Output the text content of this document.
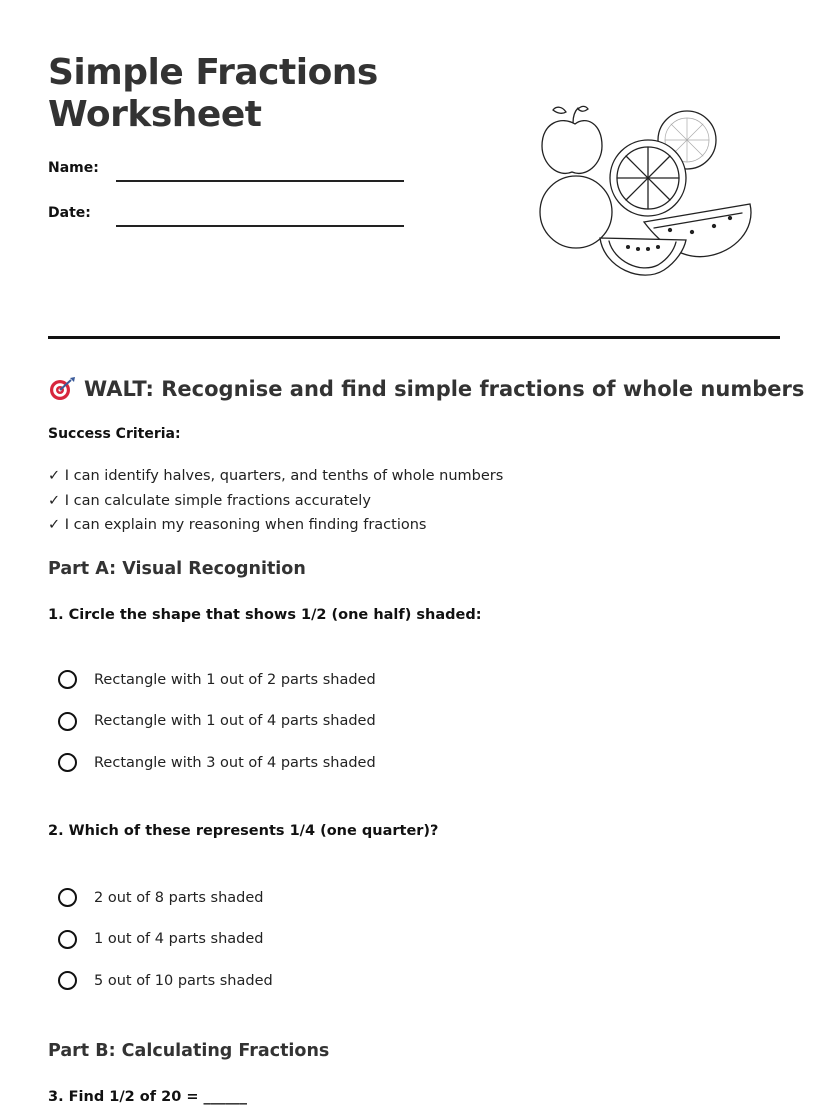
Simple Fractions
Worksheet
Name:
Date:
WALT: Recognise and find simple fractions of whole numbers
Success Criteria:
✓ I can identify halves, quarters, and tenths of whole numbers
✓ I can calculate simple fractions accurately
✓ I can explain my reasoning when finding fractions
Part A: Visual Recognition

1. Circle the shape that shows 1/2 (one half) shaded:

Rectangle with 1 out of 2 parts shaded
Rectangle with 1 out of 4 parts shaded
Rectangle with 3 out of 4 parts shaded

2. Which of these represents 1/4 (one quarter)?

2 out of 8 parts shaded
1 out of 4 parts shaded
5 out of 10 parts shaded
Part B: Calculating Fractions

3. Find 1/2 of 20 = ______
